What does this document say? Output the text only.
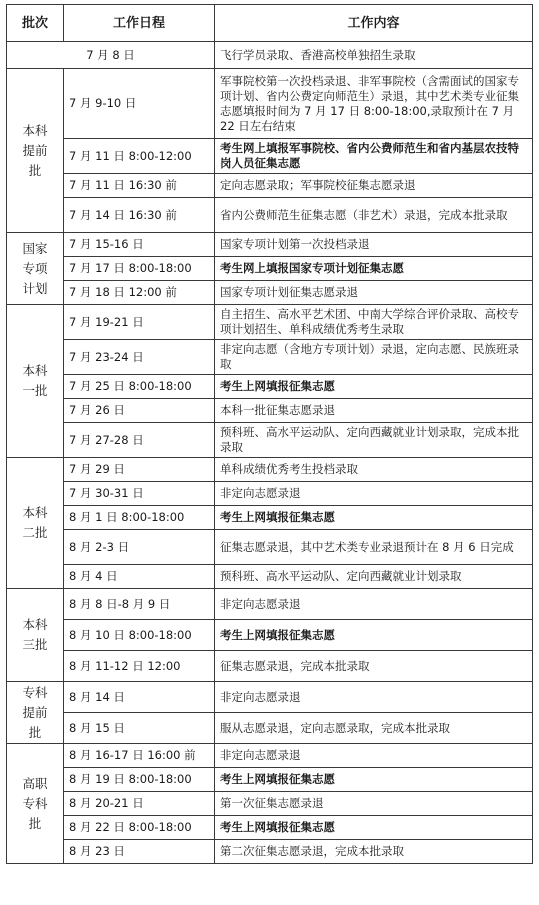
批次	工作日程	工作内容
7 月 8 日		飞行学员录取、香港高校单独招生录取
本科
提前
批	7 月 9-10 日	军事院校第一次投档录退、非军事院校（含需面试的国家专项计划、省内公费定向师范生）录退，其中艺术类专业征集志愿填报时间为 7 月 17 日 8:00-18:00,录取预计在 7 月 22 日左右结束
	7 月 11 日 8:00-12:00	考生网上填报军事院校、省内公费师范生和省内基层农技特岗人员征集志愿
	7 月 11 日 16:30 前	定向志愿录取；军事院校征集志愿录退
	7 月 14 日 16:30 前	省内公费师范生征集志愿（非艺术）录退，完成本批录取
国家
专项
计划	7 月 15-16 日	国家专项计划第一次投档录退
	7 月 17 日 8:00-18:00	考生网上填报国家专项计划征集志愿
	7 月 18 日 12:00 前	国家专项计划征集志愿录退
本科
一批	7 月 19-21 日	自主招生、高水平艺术团、中南大学综合评价录取、高校专项计划招生、单科成绩优秀考生录取
	7 月 23-24 日	非定向志愿（含地方专项计划）录退，定向志愿、民族班录取
	7 月 25 日 8:00-18:00	考生上网填报征集志愿
	7 月 26 日	本科一批征集志愿录退
	7 月 27-28 日	预科班、高水平运动队、定向西藏就业计划录取，完成本批录取
本科
二批	7 月 29 日	单科成绩优秀考生投档录取
	7 月 30-31 日	非定向志愿录退
	8 月 1 日 8:00-18:00	考生上网填报征集志愿
	8 月 2-3 日	征集志愿录退，其中艺术类专业录退预计在 8 月 6 日完成
	8 月 4 日	预科班、高水平运动队、定向西藏就业计划录取
本科
三批	8 月 8 日-8 月 9 日	非定向志愿录退
	8 月 10 日 8:00-18:00	考生上网填报征集志愿
	8 月 11-12 日 12:00	征集志愿录退，完成本批录取
专科
提前
批	8 月 14 日	非定向志愿录退
	8 月 15 日	服从志愿录退，定向志愿录取，完成本批录取
高职
专科
批	8 月 16-17 日 16:00 前	非定向志愿录退
	8 月 19 日 8:00-18:00	考生上网填报征集志愿
	8 月 20-21 日	第一次征集志愿录退
	8 月 22 日 8:00-18:00	考生上网填报征集志愿
	8 月 23 日	第二次征集志愿录退，完成本批录取
